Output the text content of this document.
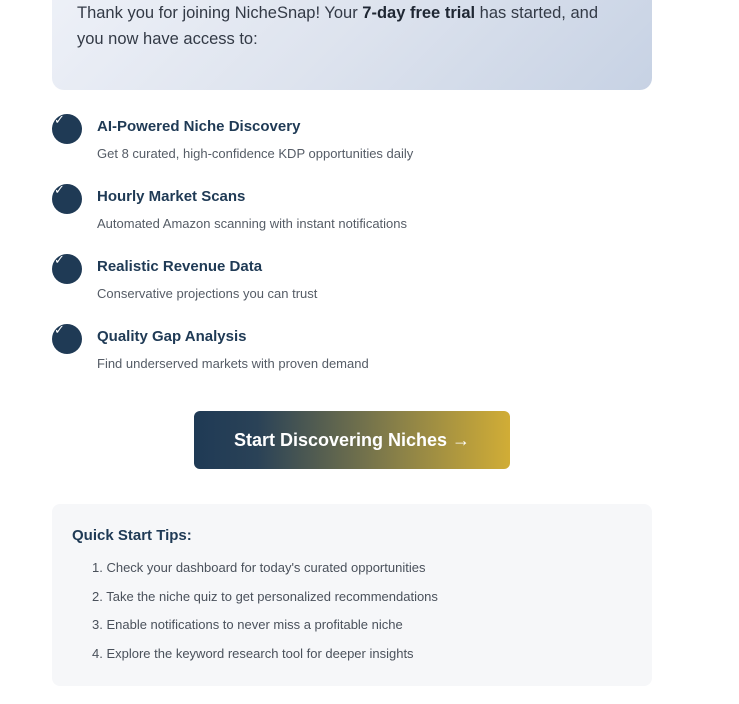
Thank you for joining NicheSnap! Your 7-day free trial has started, and you now have access to:

✓ AI-Powered Niche Discovery
Get 8 curated, high-confidence KDP opportunities daily
✓ Hourly Market Scans
Automated Amazon scanning with instant notifications
✓ Realistic Revenue Data
Conservative projections you can trust
✓ Quality Gap Analysis
Find underserved markets with proven demand
Start Discovering Niches →
Quick Start Tips:
1. Check your dashboard for today's curated opportunities
2. Take the niche quiz to get personalized recommendations
3. Enable notifications to never miss a profitable niche
4. Explore the keyword research tool for deeper insights
